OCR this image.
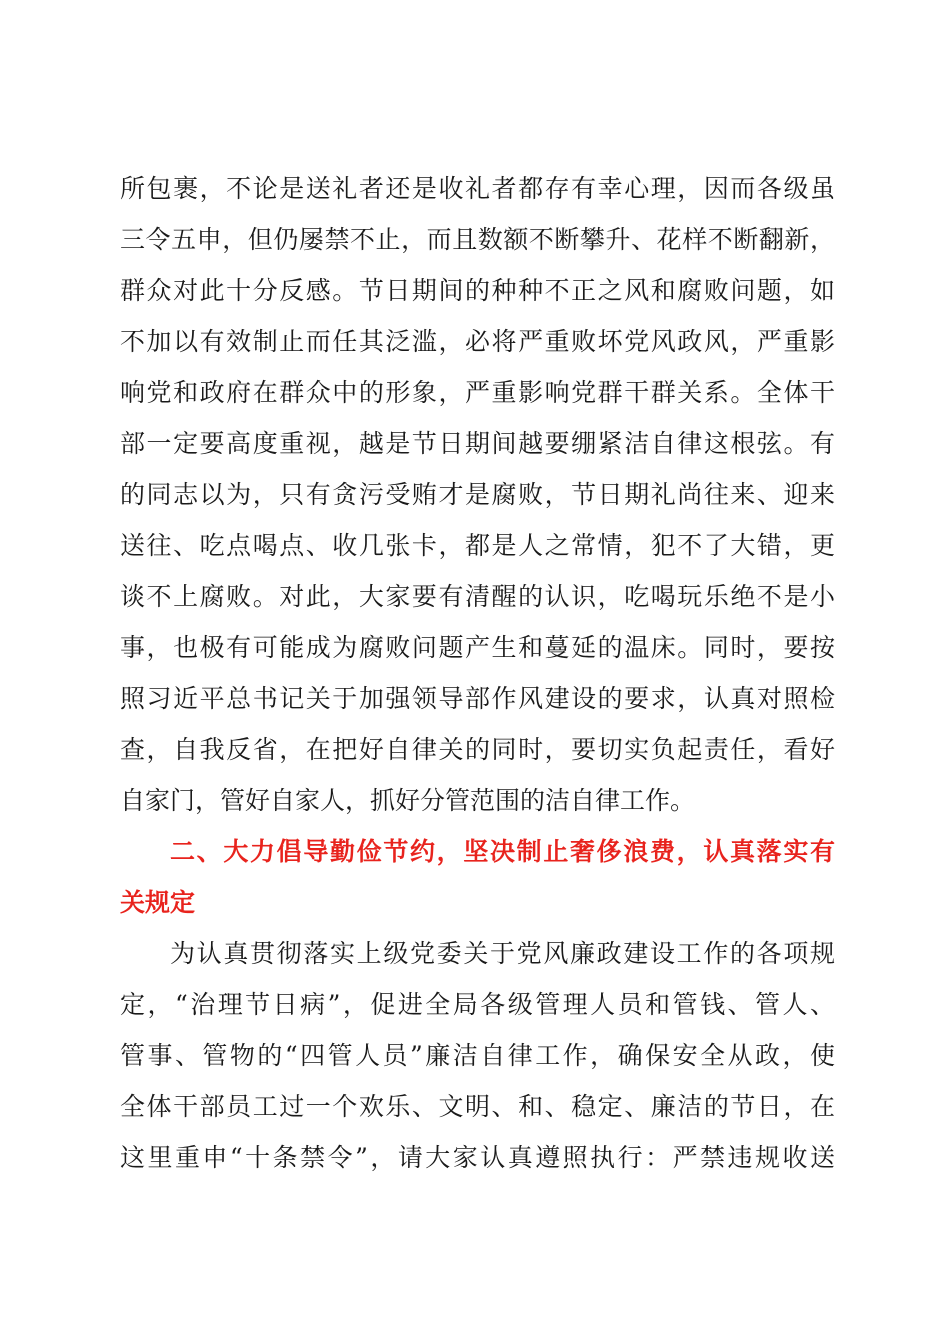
所包裹，不论是送礼者还是收礼者都存有幸心理，因而各级虽
三令五申，但仍屡禁不止，而且数额不断攀升、花样不断翻新，
群众对此十分反感。节日期间的种种不正之风和腐败问题，如
不加以有效制止而任其泛滥，必将严重败坏党风政风，严重影
响党和政府在群众中的形象，严重影响党群干群关系。全体干
部一定要高度重视，越是节日期间越要绷紧洁自律这根弦。有
的同志以为，只有贪污受贿才是腐败，节日期礼尚往来、迎来
送往、吃点喝点、收几张卡，都是人之常情，犯不了大错，更
谈不上腐败。对此，大家要有清醒的认识，吃喝玩乐绝不是小
事，也极有可能成为腐败问题产生和蔓延的温床。同时，要按
照习近平总书记关于加强领导部作风建设的要求，认真对照检
查，自我反省，在把好自律关的同时，要切实负起责任，看好
自家门，管好自家人，抓好分管范围的洁自律工作。
二、大力倡导勤俭节约，坚决制止奢侈浪费，认真落实有
关规定
为认真贯彻落实上级党委关于党风廉政建设工作的各项规
定，“治理节日病”，促进全局各级管理人员和管钱、管人、
管事、管物的“四管人员”廉洁自律工作，确保安全从政，使
全体干部员工过一个欢乐、文明、和、稳定、廉洁的节日，在
这里重申“十条禁令”，请大家认真遵照执行：严禁违规收送
